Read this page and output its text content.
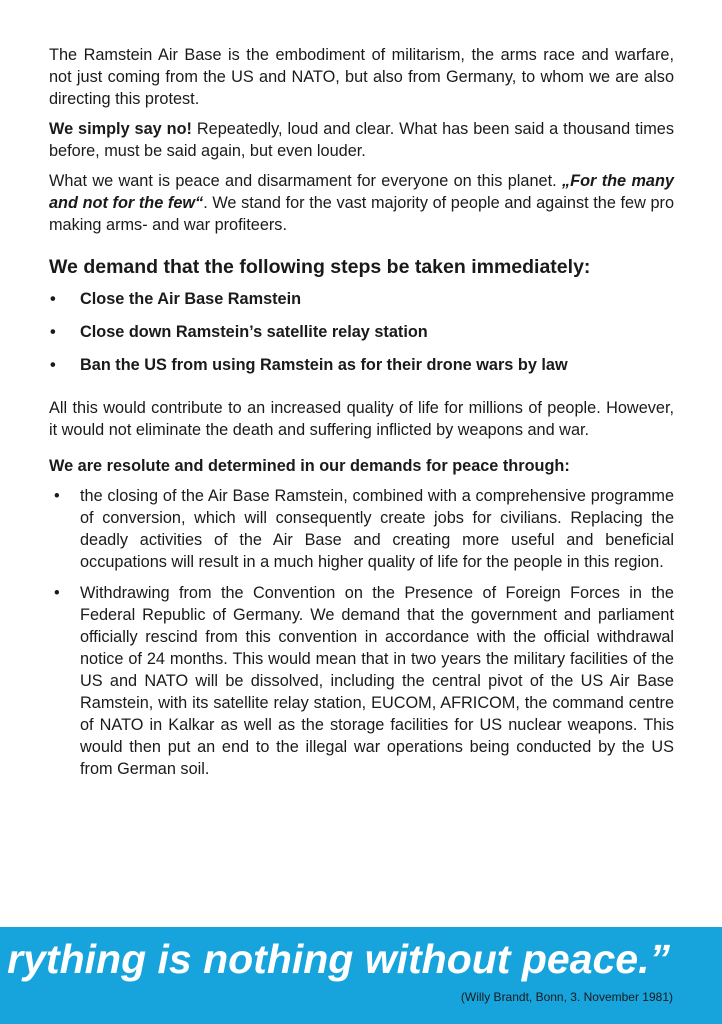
The Ramstein Air Base is the embodiment of militarism, the arms race and warfare, not just coming from the US and NATO, but also from Germany, to whom we are also directing this protest.

We simply say no! Repeatedly, loud and clear. What has been said a thousand times before, must be said again, but even louder.

What we want is peace and disarmament for everyone on this planet. „For the many and not for the few“. We stand for the vast majority of people and against the few pro making arms- and war profiteers.

We demand that the following steps be taken immediately:
• Close the Air Base Ramstein
• Close down Ramstein’s satellite relay station
• Ban the US from using Ramstein as for their drone wars by law

All this would contribute to an increased quality of life for millions of people. However, it would not eliminate the death and suffering inflicted by weapons and war.

We are resolute and determined in our demands for peace through:
• the closing of the Air Base Ramstein, combined with a comprehensive programme of conversion, which will consequently create jobs for civilians. Replacing the deadly activities of the Air Base and creating more useful and beneficial occupations will result in a much higher quality of life for the people in this region.
• Withdrawing from the Convention on the Presence of Foreign Forces in the Federal Republic of Germany. We demand that the government and parliament officially rescind from this convention in accordance with the official withdrawal notice of 24 months. This would mean that in two years the military facilities of the US and NATO will be dissolved, including the central pivot of the US Air Base Ramstein, with its satellite relay station, EUCOM, AFRICOM, the command centre of NATO in Kalkar as well as the storage facilities for US nuclear weapons. This would then put an end to the illegal war operations being conducted by the US from German soil.
rything is nothing without peace.”
(Willy Brandt, Bonn, 3. November 1981)
